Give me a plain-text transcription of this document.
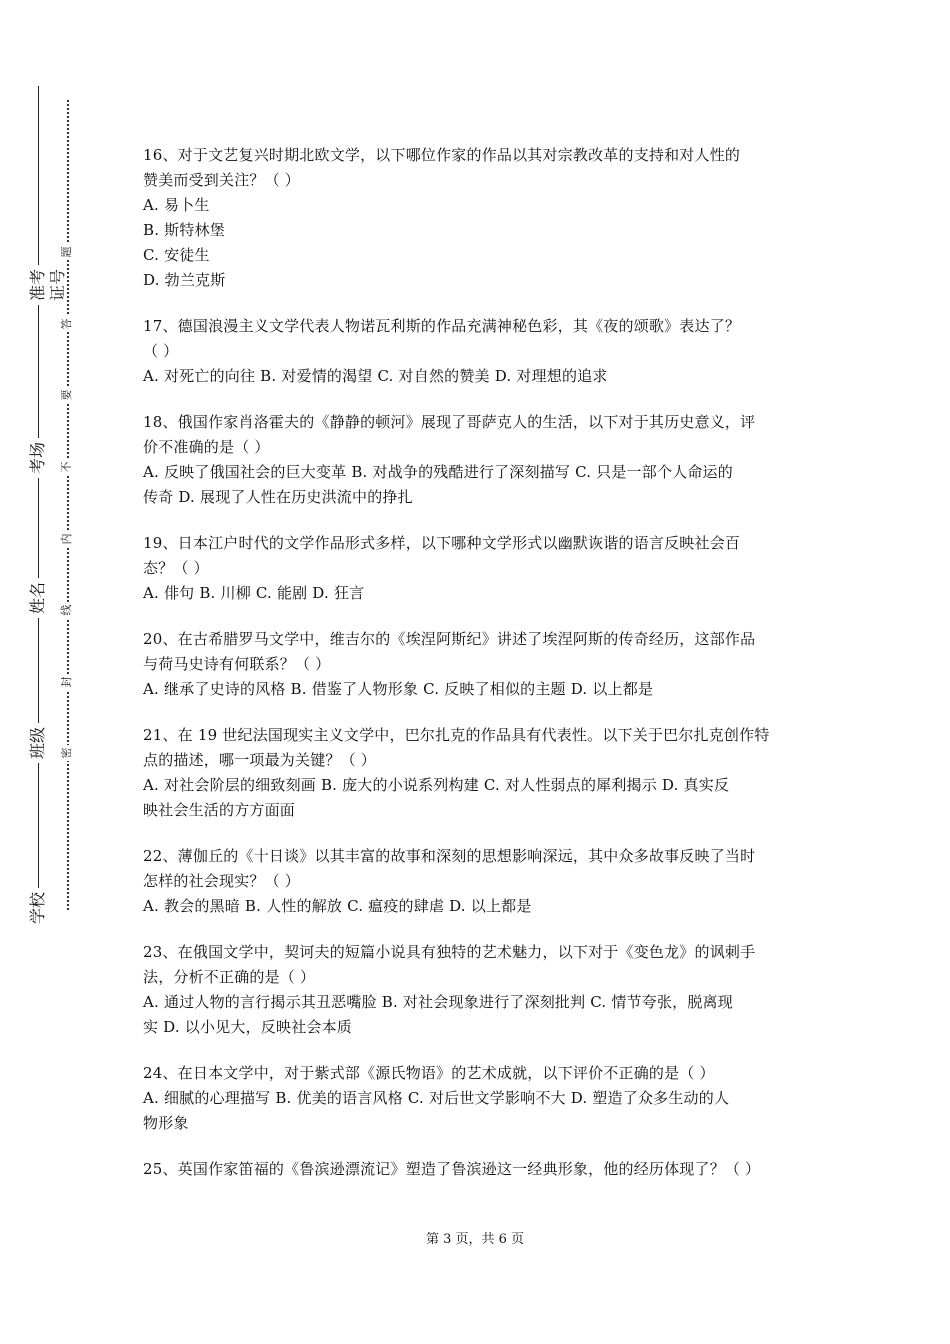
准考证号
考场
姓名
班级
学校
题
答
要
不
内
线
封
密
16、对于文艺复兴时期北欧文学，以下哪位作家的作品以其对宗教改革的支持和对人性的
赞美而受到关注？（ ）
A. 易卜生
B. 斯特林堡
C. 安徒生
D. 勃兰克斯
17、德国浪漫主义文学代表人物诺瓦利斯的作品充满神秘色彩，其《夜的颂歌》表达了？
（ ）
A. 对死亡的向往 B. 对爱情的渴望 C. 对自然的赞美 D. 对理想的追求
18、俄国作家肖洛霍夫的《静静的顿河》展现了哥萨克人的生活，以下对于其历史意义，评
价不准确的是（ ）
A. 反映了俄国社会的巨大变革 B. 对战争的残酷进行了深刻描写 C. 只是一部个人命运的
传奇 D. 展现了人性在历史洪流中的挣扎
19、日本江户时代的文学作品形式多样，以下哪种文学形式以幽默诙谐的语言反映社会百
态？（ ）
A. 俳句 B. 川柳 C. 能剧 D. 狂言
20、在古希腊罗马文学中，维吉尔的《埃涅阿斯纪》讲述了埃涅阿斯的传奇经历，这部作品
与荷马史诗有何联系？（ ）
A. 继承了史诗的风格 B. 借鉴了人物形象 C. 反映了相似的主题 D. 以上都是
21、在 19 世纪法国现实主义文学中，巴尔扎克的作品具有代表性。以下关于巴尔扎克创作特
点的描述，哪一项最为关键？（ ）
A. 对社会阶层的细致刻画 B. 庞大的小说系列构建 C. 对人性弱点的犀利揭示 D. 真实反
映社会生活的方方面面
22、薄伽丘的《十日谈》以其丰富的故事和深刻的思想影响深远，其中众多故事反映了当时
怎样的社会现实？（ ）
A. 教会的黑暗 B. 人性的解放 C. 瘟疫的肆虐 D. 以上都是
23、在俄国文学中，契诃夫的短篇小说具有独特的艺术魅力，以下对于《变色龙》的讽刺手
法，分析不正确的是（ ）
A. 通过人物的言行揭示其丑恶嘴脸 B. 对社会现象进行了深刻批判 C. 情节夸张，脱离现
实 D. 以小见大，反映社会本质
24、在日本文学中，对于紫式部《源氏物语》的艺术成就，以下评价不正确的是（ ）
A. 细腻的心理描写 B. 优美的语言风格 C. 对后世文学影响不大 D. 塑造了众多生动的人
物形象
25、英国作家笛福的《鲁滨逊漂流记》塑造了鲁滨逊这一经典形象，他的经历体现了？（ ）
第 3 页，共 6 页
